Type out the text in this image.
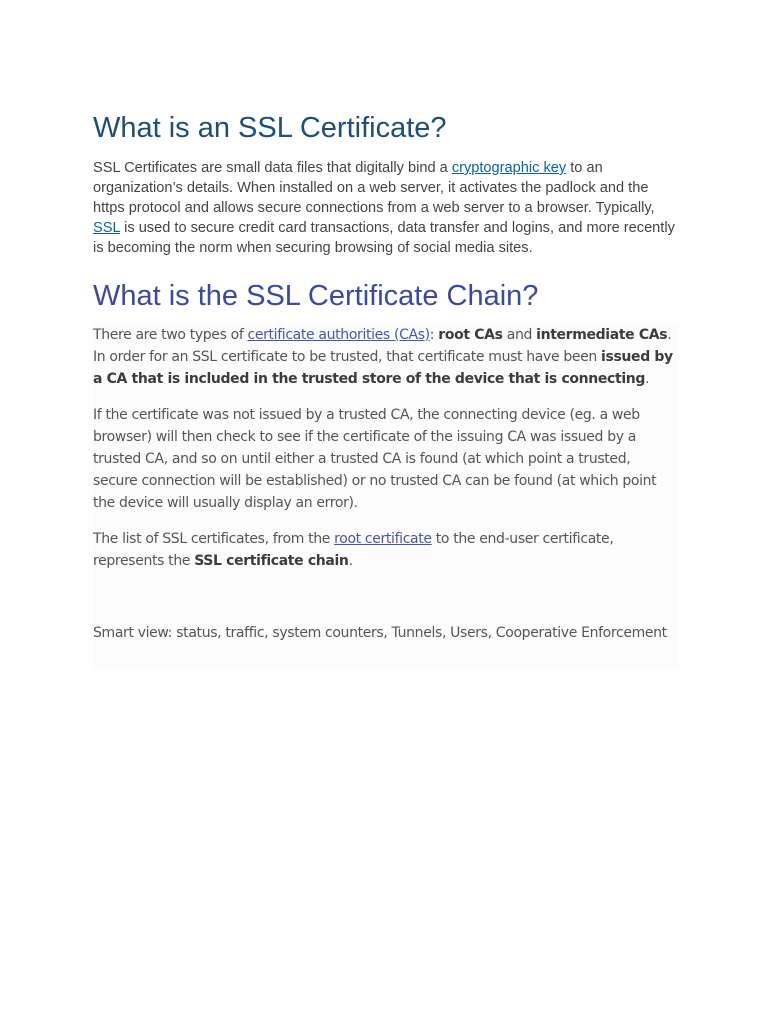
What is an SSL Certificate?

SSL Certificates are small data files that digitally bind a cryptographic key to an organization’s details. When installed on a web server, it activates the padlock and the https protocol and allows secure connections from a web server to a browser. Typically, SSL is used to secure credit card transactions, data transfer and logins, and more recently is becoming the norm when securing browsing of social media sites.

What is the SSL Certificate Chain?

There are two types of certificate authorities (CAs): root CAs and intermediate CAs. In order for an SSL certificate to be trusted, that certificate must have been issued by a CA that is included in the trusted store of the device that is connecting.

If the certificate was not issued by a trusted CA, the connecting device (eg. a web browser) will then check to see if the certificate of the issuing CA was issued by a trusted CA, and so on until either a trusted CA is found (at which point a trusted, secure connection will be established) or no trusted CA can be found (at which point the device will usually display an error).

The list of SSL certificates, from the root certificate to the end-user certificate, represents the SSL certificate chain.

Smart view: status, traffic, system counters, Tunnels, Users, Cooperative Enforcement
